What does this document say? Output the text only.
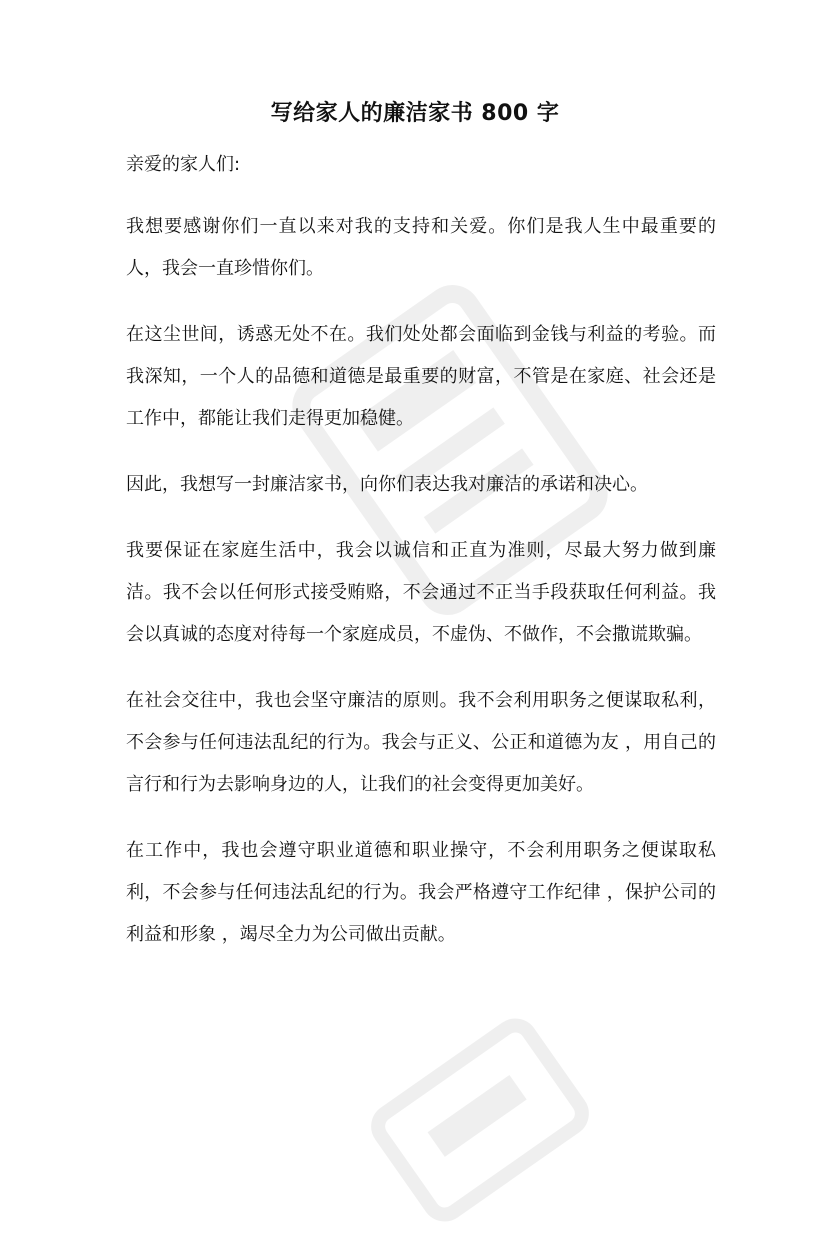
写给家人的廉洁家书 800 字
亲爱的家人们:

我想要感谢你们一直以来对我的支持和关爱。你们是我人生中最重要的人，我会一直珍惜你们。

在这尘世间，诱惑无处不在。我们处处都会面临到金钱与利益的考验。而我深知，一个人的品德和道德是最重要的财富，不管是在家庭、社会还是工作中，都能让我们走得更加稳健。

因此，我想写一封廉洁家书，向你们表达我对廉洁的承诺和决心。

我要保证在家庭生活中，我会以诚信和正直为准则，尽最大努力做到廉洁。我不会以任何形式接受贿赂，不会通过不正当手段获取任何利益。我会以真诚的态度对待每一个家庭成员，不虚伪、不做作，不会撒谎欺骗。

在社会交往中，我也会坚守廉洁的原则。我不会利用职务之便谋取私利，不会参与任何违法乱纪的行为。我会与正义、公正和道德为友 ，用自己的言行和行为去影响身边的人，让我们的社会变得更加美好。

在工作中，我也会遵守职业道德和职业操守，不会利用职务之便谋取私利，不会参与任何违法乱纪的行为。我会严格遵守工作纪律 ，保护公司的利益和形象 ，竭尽全力为公司做出贡献。
